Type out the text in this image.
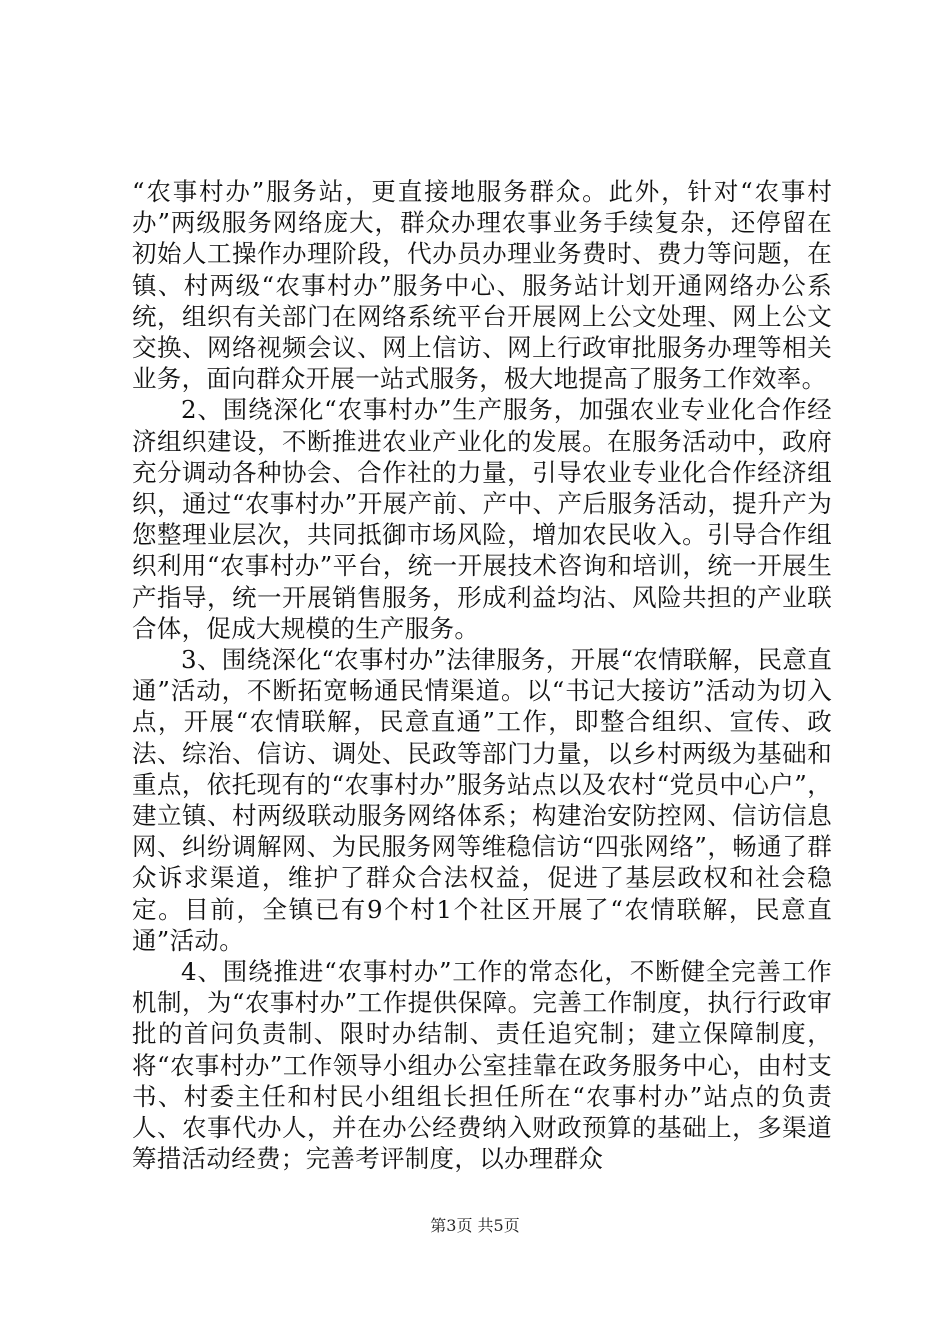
“农事村办”服务站，更直接地服务群众。此外，针对“农事村办”两级服务网络庞大，群众办理农事业务手续复杂，还停留在初始人工操作办理阶段，代办员办理业务费时、费力等问题，在镇、村两级“农事村办”服务中心、服务站计划开通网络办公系统，组织有关部门在网络系统平台开展网上公文处理、网上公文交换、网络视频会议、网上信访、网上行政审批服务办理等相关业务，面向群众开展一站式服务，极大地提高了服务工作效率。

2、围绕深化“农事村办”生产服务，加强农业专业化合作经济组织建设，不断推进农业产业化的发展。在服务活动中，政府充分调动各种协会、合作社的力量，引导农业专业化合作经济组织，通过“农事村办”开展产前、产中、产后服务活动，提升产为您整理业层次，共同抵御市场风险，增加农民收入。引导合作组织利用“农事村办”平台，统一开展技术咨询和培训，统一开展生产指导，统一开展销售服务，形成利益均沾、风险共担的产业联合体，促成大规模的生产服务。

3、围绕深化“农事村办”法律服务，开展“农情联解，民意直通”活动，不断拓宽畅通民情渠道。以“书记大接访”活动为切入点，开展“农情联解，民意直通”工作，即整合组织、宣传、政法、综治、信访、调处、民政等部门力量，以乡村两级为基础和重点，依托现有的“农事村办”服务站点以及农村“党员中心户”，建立镇、村两级联动服务网络体系；构建治安防控网、信访信息网、纠纷调解网、为民服务网等维稳信访“四张网络”，畅通了群众诉求渠道，维护了群众合法权益，促进了基层政权和社会稳定。目前，全镇已有9个村1个社区开展了“农情联解，民意直通”活动。

4、围绕推进“农事村办”工作的常态化，不断健全完善工作机制，为“农事村办”工作提供保障。完善工作制度，执行行政审批的首问负责制、限时办结制、责任追究制；建立保障制度，将“农事村办”工作领导小组办公室挂靠在政务服务中心，由村支书、村委主任和村民小组组长担任所在“农事村办”站点的负责人、农事代办人，并在办公经费纳入财政预算的基础上，多渠道筹措活动经费；完善考评制度，以办理群众

第3页 共5页
